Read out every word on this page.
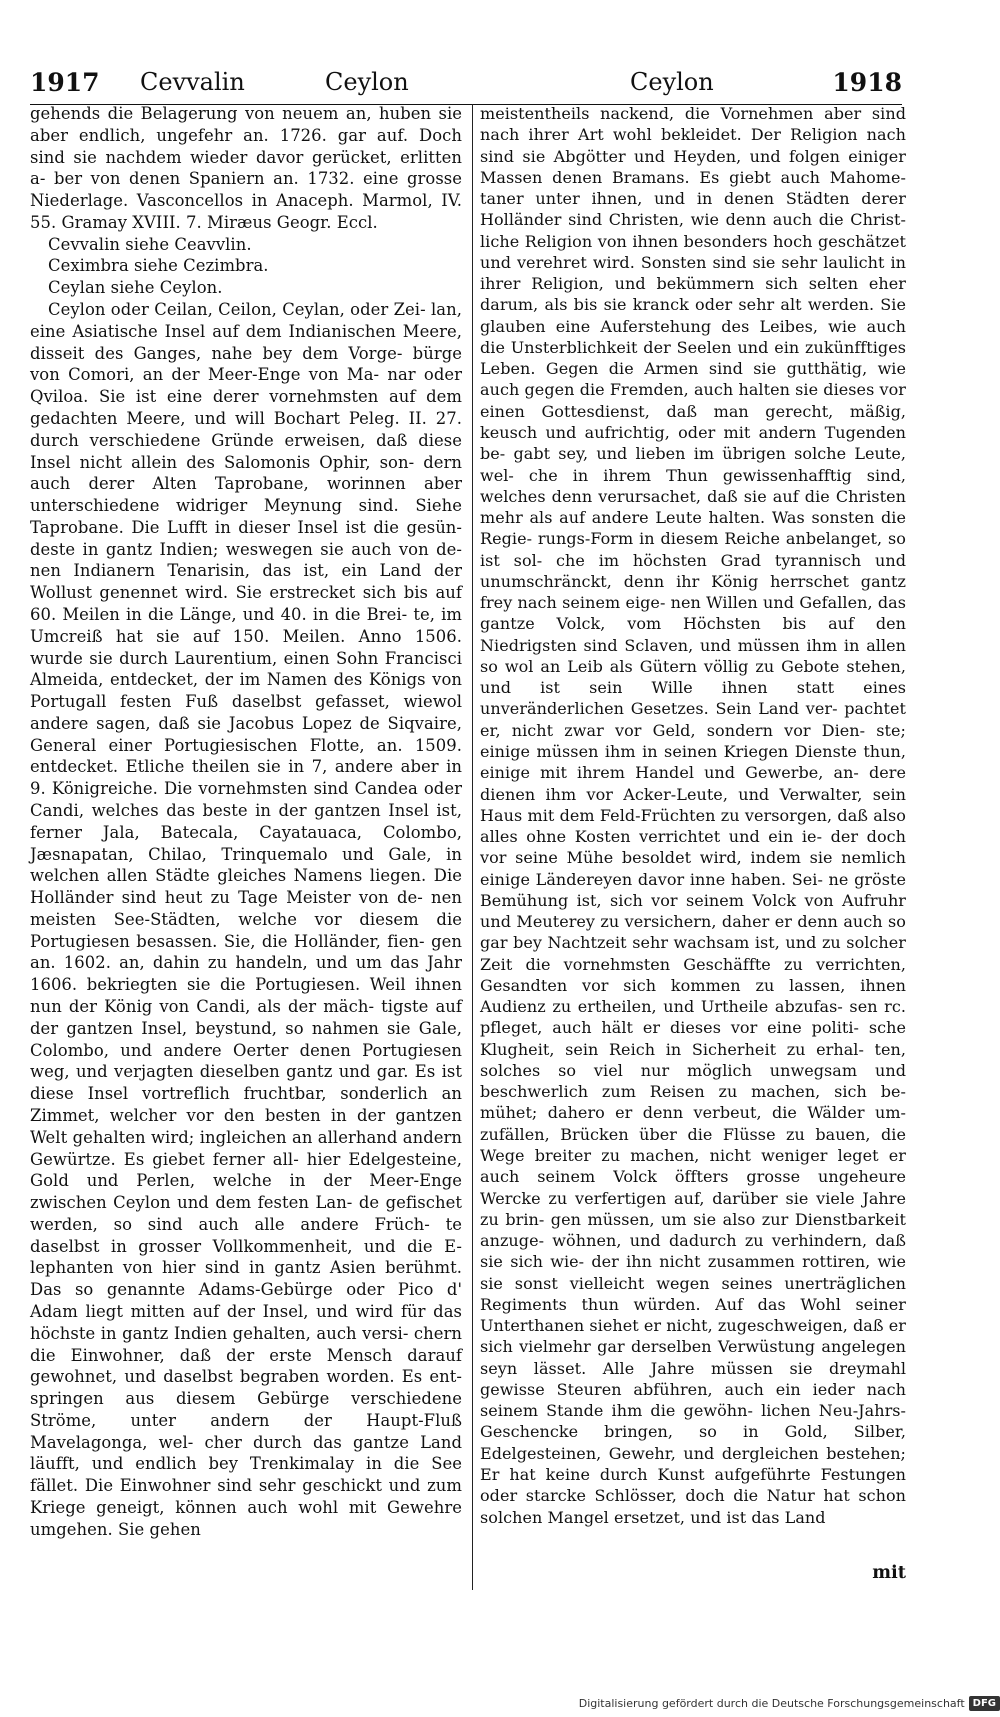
1917 Cevvalin	Ceylon	Ceylon	1918

gehends die Belagerung von neuem an, huben sie aber endlich, ungefehr an. 1726. gar auf. Doch sind sie nachdem wieder davor gerücket, erlitten a- ber von denen Spaniern an. 1732. eine grosse Niederlage. Vasconcellos in Anaceph. Marmol, IV. 55. Gramay XVIII. 7. Miræus Geogr. Eccl.

Cevvalin siehe Ceavvlin.

Ceximbra siehe Cezimbra.

Ceylan siehe Ceylon.

Ceylon oder Ceilan, Ceilon, Ceylan, oder Zei- lan, eine Asiatische Insel auf dem Indianischen Meere, disseit des Ganges, nahe bey dem Vorge- bürge von Comori, an der Meer-Enge von Ma- nar oder Qviloa. Sie ist eine derer vornehmsten auf dem gedachten Meere, und will Bochart Peleg. II. 27. durch verschiedene Gründe erweisen, daß diese Insel nicht allein des Salomonis Ophir, son- dern auch derer Alten Taprobane, worinnen aber unterschiedene widriger Meynung sind. Siehe Taprobane. Die Lufft in dieser Insel ist die gesün- deste in gantz Indien; weswegen sie auch von de- nen Indianern Tenarisin, das ist, ein Land der Wollust genennet wird. Sie erstrecket sich bis auf 60. Meilen in die Länge, und 40. in die Brei- te, im Umcreiß hat sie auf 150. Meilen. Anno 1506. wurde sie durch Laurentium, einen Sohn Francisci Almeida, entdecket, der im Namen des Königs von Portugall festen Fuß daselbst gefasset, wiewol andere sagen, daß sie Jacobus Lopez de Siqvaire, General einer Portugiesischen Flotte, an. 1509. entdecket. Etliche theilen sie in 7, andere aber in 9. Königreiche. Die vornehmsten sind Candea oder Candi, welches das beste in der gantzen Insel ist, ferner Jala, Batecala, Cayatauaca, Colombo, Jæsnapatan, Chilao, Trinquemalo und Gale, in welchen allen Städte gleiches Namens liegen. Die Holländer sind heut zu Tage Meister von de- nen meisten See-Städten, welche vor diesem die Portugiesen besassen. Sie, die Holländer, fien- gen an. 1602. an, dahin zu handeln, und um das Jahr 1606. bekriegten sie die Portugiesen. Weil ihnen nun der König von Candi, als der mäch- tigste auf der gantzen Insel, beystund, so nahmen sie Gale, Colombo, und andere Oerter denen Portugiesen weg, und verjagten dieselben gantz und gar. Es ist diese Insel vortreflich fruchtbar, sonderlich an Zimmet, welcher vor den besten in der gantzen Welt gehalten wird; ingleichen an allerhand andern Gewürtze. Es giebet ferner all- hier Edelgesteine, Gold und Perlen, welche in der Meer-Enge zwischen Ceylon und dem festen Lan- de gefischet werden, so sind auch alle andere Früch- te daselbst in grosser Vollkommenheit, und die E- lephanten von hier sind in gantz Asien berühmt. Das so genannte Adams-Gebürge oder Pico d' Adam liegt mitten auf der Insel, und wird für das höchste in gantz Indien gehalten, auch versi- chern die Einwohner, daß der erste Mensch darauf gewohnet, und daselbst begraben worden. Es ent- springen aus diesem Gebürge verschiedene Ströme, unter andern der Haupt-Fluß Mavelagonga, wel- cher durch das gantze Land läufft, und endlich bey Trenkimalay in die See fället. Die Einwohner sind sehr geschickt und zum Kriege geneigt, können auch wohl mit Gewehre umgehen. Sie gehen

meistentheils nackend, die Vornehmen aber sind nach ihrer Art wohl bekleidet. Der Religion nach sind sie Abgötter und Heyden, und folgen einiger Massen denen Bramans. Es giebt auch Mahome- taner unter ihnen, und in denen Städten derer Holländer sind Christen, wie denn auch die Christ- liche Religion von ihnen besonders hoch geschätzet und verehret wird. Sonsten sind sie sehr laulicht in ihrer Religion, und bekümmern sich selten eher darum, als bis sie kranck oder sehr alt werden. Sie glauben eine Auferstehung des Leibes, wie auch die Unsterblichkeit der Seelen und ein zukünfftiges Leben. Gegen die Armen sind sie gutthätig, wie auch gegen die Fremden, auch halten sie dieses vor einen Gottesdienst, daß man gerecht, mäßig, keusch und aufrichtig, oder mit andern Tugenden be- gabt sey, und lieben im übrigen solche Leute, wel- che in ihrem Thun gewissenhafftig sind, welches denn verursachet, daß sie auf die Christen mehr als auf andere Leute halten. Was sonsten die Regie- rungs-Form in diesem Reiche anbelanget, so ist sol- che im höchsten Grad tyrannisch und unumschränckt, denn ihr König herrschet gantz frey nach seinem eige- nen Willen und Gefallen, das gantze Volck, vom Höchsten bis auf den Niedrigsten sind Sclaven, und müssen ihm in allen so wol an Leib als Gütern völlig zu Gebote stehen, und ist sein Wille ihnen statt eines unveränderlichen Gesetzes. Sein Land ver- pachtet er, nicht zwar vor Geld, sondern vor Dien- ste; einige müssen ihm in seinen Kriegen Dienste thun, einige mit ihrem Handel und Gewerbe, an- dere dienen ihm vor Acker-Leute, und Verwalter, sein Haus mit dem Feld-Früchten zu versorgen, daß also alles ohne Kosten verrichtet und ein ie- der doch vor seine Mühe besoldet wird, indem sie nemlich einige Ländereyen davor inne haben. Sei- ne gröste Bemühung ist, sich vor seinem Volck von Aufruhr und Meuterey zu versichern, daher er denn auch so gar bey Nachtzeit sehr wachsam ist, und zu solcher Zeit die vornehmsten Geschäffte zu verrichten, Gesandten vor sich kommen zu lassen, ihnen Audienz zu ertheilen, und Urtheile abzufas- sen rc. pfleget, auch hält er dieses vor eine politi- sche Klugheit, sein Reich in Sicherheit zu erhal- ten, solches so viel nur möglich unwegsam und beschwerlich zum Reisen zu machen, sich be- mühet; dahero er denn verbeut, die Wälder um- zufällen, Brücken über die Flüsse zu bauen, die Wege breiter zu machen, nicht weniger leget er auch seinem Volck öffters grosse ungeheure Wercke zu verfertigen auf, darüber sie viele Jahre zu brin- gen müssen, um sie also zur Dienstbarkeit anzuge- wöhnen, und dadurch zu verhindern, daß sie sich wie- der ihn nicht zusammen rottiren, wie sie sonst vielleicht wegen seines unerträglichen Regiments thun würden. Auf das Wohl seiner Unterthanen siehet er nicht, zugeschweigen, daß er sich vielmehr gar derselben Verwüstung angelegen seyn lässet. Alle Jahre müssen sie dreymahl gewisse Steuren abführen, auch ein ieder nach seinem Stande ihm die gewöhn- lichen Neu-Jahrs-Geschencke bringen, so in Gold, Silber, Edelgesteinen, Gewehr, und dergleichen bestehen; Er hat keine durch Kunst aufgeführte Festungen oder starcke Schlösser, doch die Natur hat schon solchen Mangel ersetzet, und ist das Land

mit
Digitalisierung gefördert durch die Deutsche Forschungsgemeinschaft DFG
